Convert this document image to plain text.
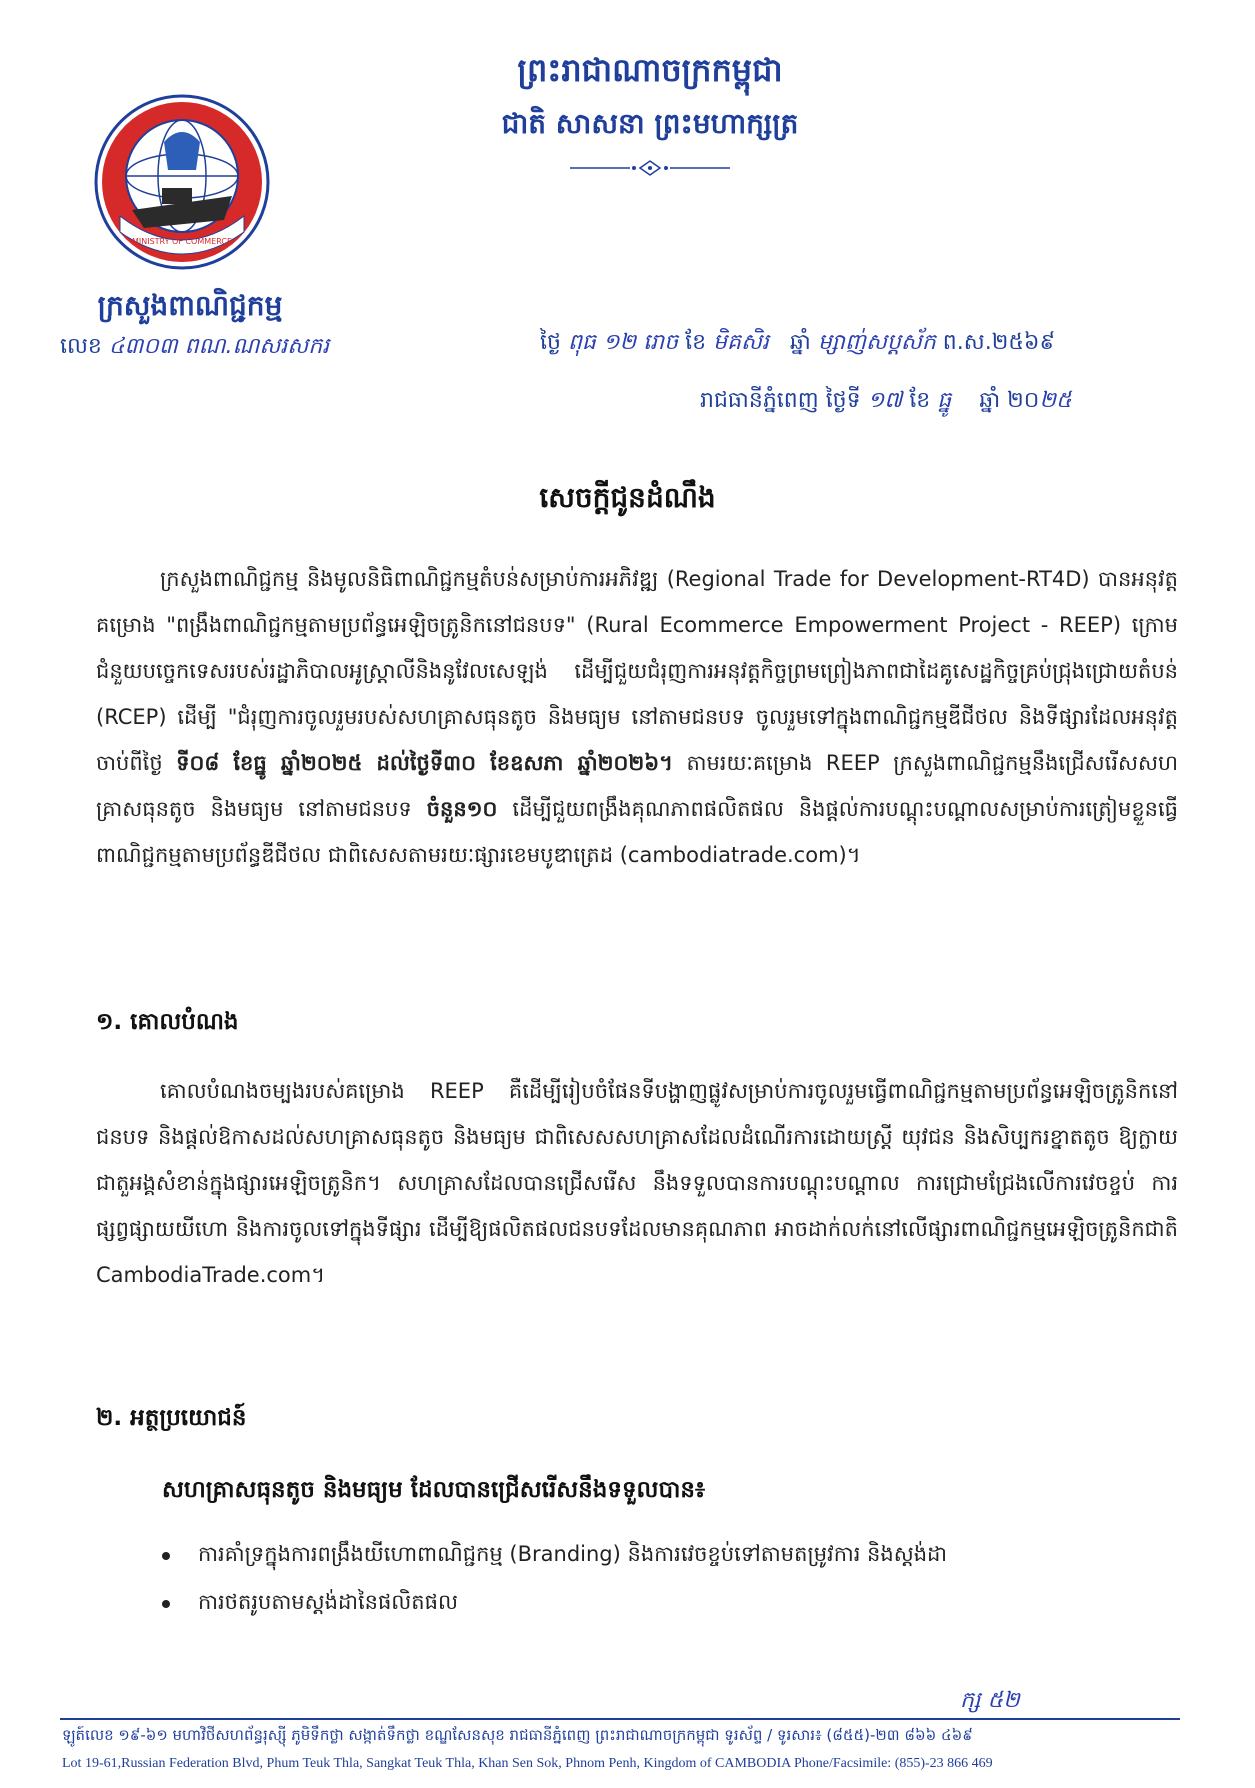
MINISTRY OF COMMERCE
ក្រសួងពាណិជ្ជកម្ម
លេខ ៤៣០៣ ពណ.ណសរសករ
ព្រះរាជាណាចក្រកម្ពុជា
ជាតិ សាសនា ព្រះមហាក្សត្រ
ថ្ងៃ ពុធ ១២ រោច ខែ មិគសិរ ឆ្នាំ ម្សាញ់សប្តស័ក ព.ស.២៥៦៩
រាជធានីភ្នំពេញ ថ្ងៃទី ១៧ ខែ ធ្នូ ឆ្នាំ ២០២៥
សេចក្តីជូនដំណឹង
ក្រសួងពាណិជ្ជកម្ម និងមូលនិធិពាណិជ្ជកម្មតំបន់សម្រាប់ការអភិវឌ្ឍ (Regional Trade for Development-RT4D) បានអនុវត្តគម្រោង "ពង្រឹងពាណិជ្ជកម្មតាមប្រព័ន្ធអេឡិចត្រូនិកនៅជនបទ" (Rural Ecommerce Empowerment Project - REEP) ក្រោមជំនួយបច្ចេកទេសរបស់រដ្ឋាភិបាលអូស្ត្រាលីនិងនូវែលសេឡង់ ដើម្បីជួយជំរុញការអនុវត្តកិច្ចព្រមព្រៀងភាពជាដៃគូសេដ្ឋកិច្ចគ្រប់ជ្រុងជ្រោយតំបន់ (RCEP) ដើម្បី "ជំរុញការចូលរួមរបស់សហគ្រាសធុនតូច និងមធ្យម នៅតាមជនបទ ចូលរួមទៅក្នុងពាណិជ្ជកម្មឌីជីថល និងទីផ្សារដែលអនុវត្តចាប់ពីថ្ងៃ ទី០៨ ខែធ្នូ ឆ្នាំ២០២៥ ដល់ថ្ងៃទី៣០ ខែឧសភា ឆ្នាំ២០២៦។ តាមរយៈគម្រោង REEP ក្រសួងពាណិជ្ជកម្មនឹងជ្រើសរើសសហគ្រាសធុនតូច និងមធ្យម នៅតាមជនបទ ចំនួន១០ ដើម្បីជួយពង្រឹងគុណភាពផលិតផល និងផ្តល់ការបណ្តុះបណ្តាលសម្រាប់ការត្រៀមខ្លួនធ្វើពាណិជ្ជកម្មតាមប្រព័ន្ធឌីជីថល ជាពិសេសតាមរយៈផ្សារខេមបូឌាត្រេដ (cambodiatrade.com)។
១. គោលបំណង
គោលបំណងចម្បងរបស់គម្រោង REEP គឺដើម្បីរៀបចំផែនទីបង្ហាញផ្លូវសម្រាប់ការចូលរួមធ្វើពាណិជ្ជកម្មតាមប្រព័ន្ធអេឡិចត្រូនិកនៅជនបទ និងផ្តល់ឱកាសដល់សហគ្រាសធុនតូច និងមធ្យម ជាពិសេសសហគ្រាសដែលដំណើរការដោយស្ត្រី យុវជន និងសិប្បករខ្នាតតូច ឱ្យក្លាយជាតួអង្គសំខាន់ក្នុងផ្សារអេឡិចត្រូនិក។ សហគ្រាសដែលបានជ្រើសរើស នឹងទទួលបានការបណ្តុះបណ្តាល ការជ្រោមជ្រែងលើការវេចខ្ចប់ ការផ្សព្វផ្សាយយីហោ និងការចូលទៅក្នុងទីផ្សារ ដើម្បីឱ្យផលិតផលជនបទដែលមានគុណភាព អាចដាក់លក់នៅលើផ្សារពាណិជ្ជកម្មអេឡិចត្រូនិកជាតិ CambodiaTrade.com។
២. អត្ថប្រយោជន៍
សហគ្រាសធុនតូច និងមធ្យម ដែលបានជ្រើសរើសនឹងទទួលបាន៖
ការគាំទ្រក្នុងការពង្រឹងយីហោពាណិជ្ជកម្ម (Branding) និងការវេចខ្ចប់ទៅតាមតម្រូវការ និងស្តង់ដា
ការថតរូបតាមស្តង់ដានៃផលិតផល
ក្ស ៥២
ឡូត៍លេខ ១៩-៦១ មហាវិថីសហព័ន្ធរុស្ស៊ី ភូមិទឹកថ្លា សង្កាត់ទឹកថ្លា ខណ្ឌសែនសុខ រាជធានីភ្នំពេញ ព្រះរាជាណាចក្រកម្ពុជា ទូរស័ព្ទ / ទូរសារ៖ (៨៥៥)-២៣ ៨៦៦ ៤៦៩
Lot 19-61,Russian Federation Blvd, Phum Teuk Thla, Sangkat Teuk Thla, Khan Sen Sok, Phnom Penh, Kingdom of CAMBODIA Phone/Facsimile: (855)-23 866 469
